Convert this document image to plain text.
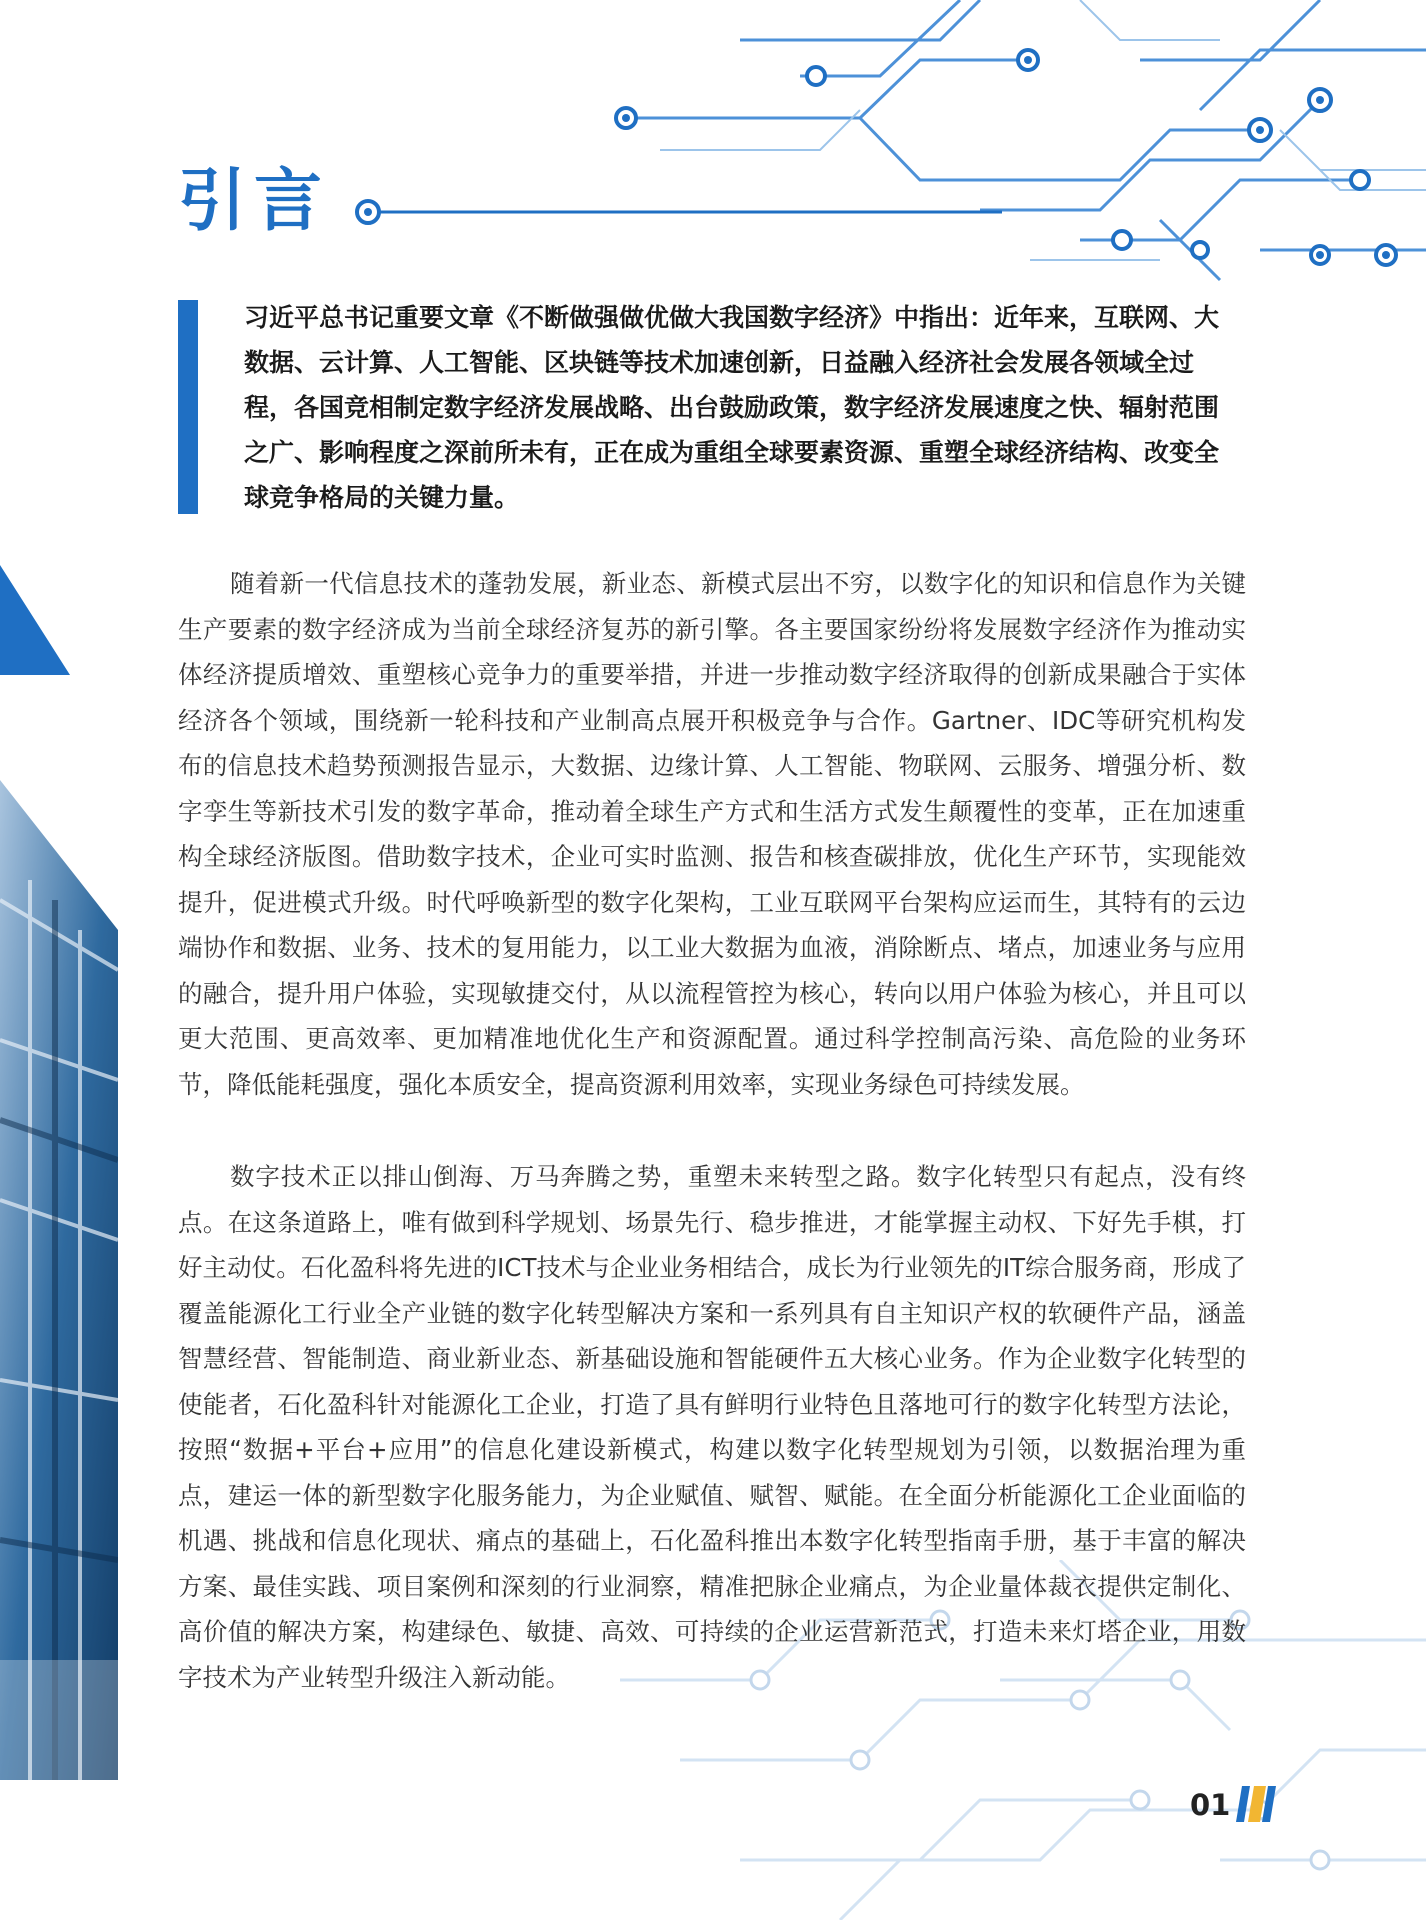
引言

习近平总书记重要文章《不断做强做优做大我国数字经济》中指出：近年来，互联网、大数据、云计算、人工智能、区块链等技术加速创新，日益融入经济社会发展各领域全过程，各国竞相制定数字经济发展战略、出台鼓励政策，数字经济发展速度之快、辐射范围之广、影响程度之深前所未有，正在成为重组全球要素资源、重塑全球经济结构、改变全球竞争格局的关键力量。

随着新一代信息技术的蓬勃发展，新业态、新模式层出不穷，以数字化的知识和信息作为关键生产要素的数字经济成为当前全球经济复苏的新引擎。各主要国家纷纷将发展数字经济作为推动实体经济提质增效、重塑核心竞争力的重要举措，并进一步推动数字经济取得的创新成果融合于实体经济各个领域，围绕新一轮科技和产业制高点展开积极竞争与合作。Gartner、IDC等研究机构发布的信息技术趋势预测报告显示，大数据、边缘计算、人工智能、物联网、云服务、增强分析、数字孪生等新技术引发的数字革命，推动着全球生产方式和生活方式发生颠覆性的变革，正在加速重构全球经济版图。借助数字技术，企业可实时监测、报告和核查碳排放，优化生产环节，实现能效提升，促进模式升级。时代呼唤新型的数字化架构，工业互联网平台架构应运而生，其特有的云边端协作和数据、业务、技术的复用能力，以工业大数据为血液，消除断点、堵点，加速业务与应用的融合，提升用户体验，实现敏捷交付，从以流程管控为核心，转向以用户体验为核心，并且可以更大范围、更高效率、更加精准地优化生产和资源配置。通过科学控制高污染、高危险的业务环节，降低能耗强度，强化本质安全，提高资源利用效率，实现业务绿色可持续发展。

数字技术正以排山倒海、万马奔腾之势，重塑未来转型之路。数字化转型只有起点，没有终点。在这条道路上，唯有做到科学规划、场景先行、稳步推进，才能掌握主动权、下好先手棋，打好主动仗。石化盈科将先进的ICT技术与企业业务相结合，成长为行业领先的IT综合服务商，形成了覆盖能源化工行业全产业链的数字化转型解决方案和一系列具有自主知识产权的软硬件产品，涵盖智慧经营、智能制造、商业新业态、新基础设施和智能硬件五大核心业务。作为企业数字化转型的使能者，石化盈科针对能源化工企业，打造了具有鲜明行业特色且落地可行的数字化转型方法论，按照“数据+平台+应用”的信息化建设新模式，构建以数字化转型规划为引领，以数据治理为重点，建运一体的新型数字化服务能力，为企业赋值、赋智、赋能。在全面分析能源化工企业面临的机遇、挑战和信息化现状、痛点的基础上，石化盈科推出本数字化转型指南手册，基于丰富的解决方案、最佳实践、项目案例和深刻的行业洞察，精准把脉企业痛点，为企业量体裁衣提供定制化、高价值的解决方案，构建绿色、敏捷、高效、可持续的企业运营新范式，打造未来灯塔企业，用数字技术为产业转型升级注入新动能。

01
